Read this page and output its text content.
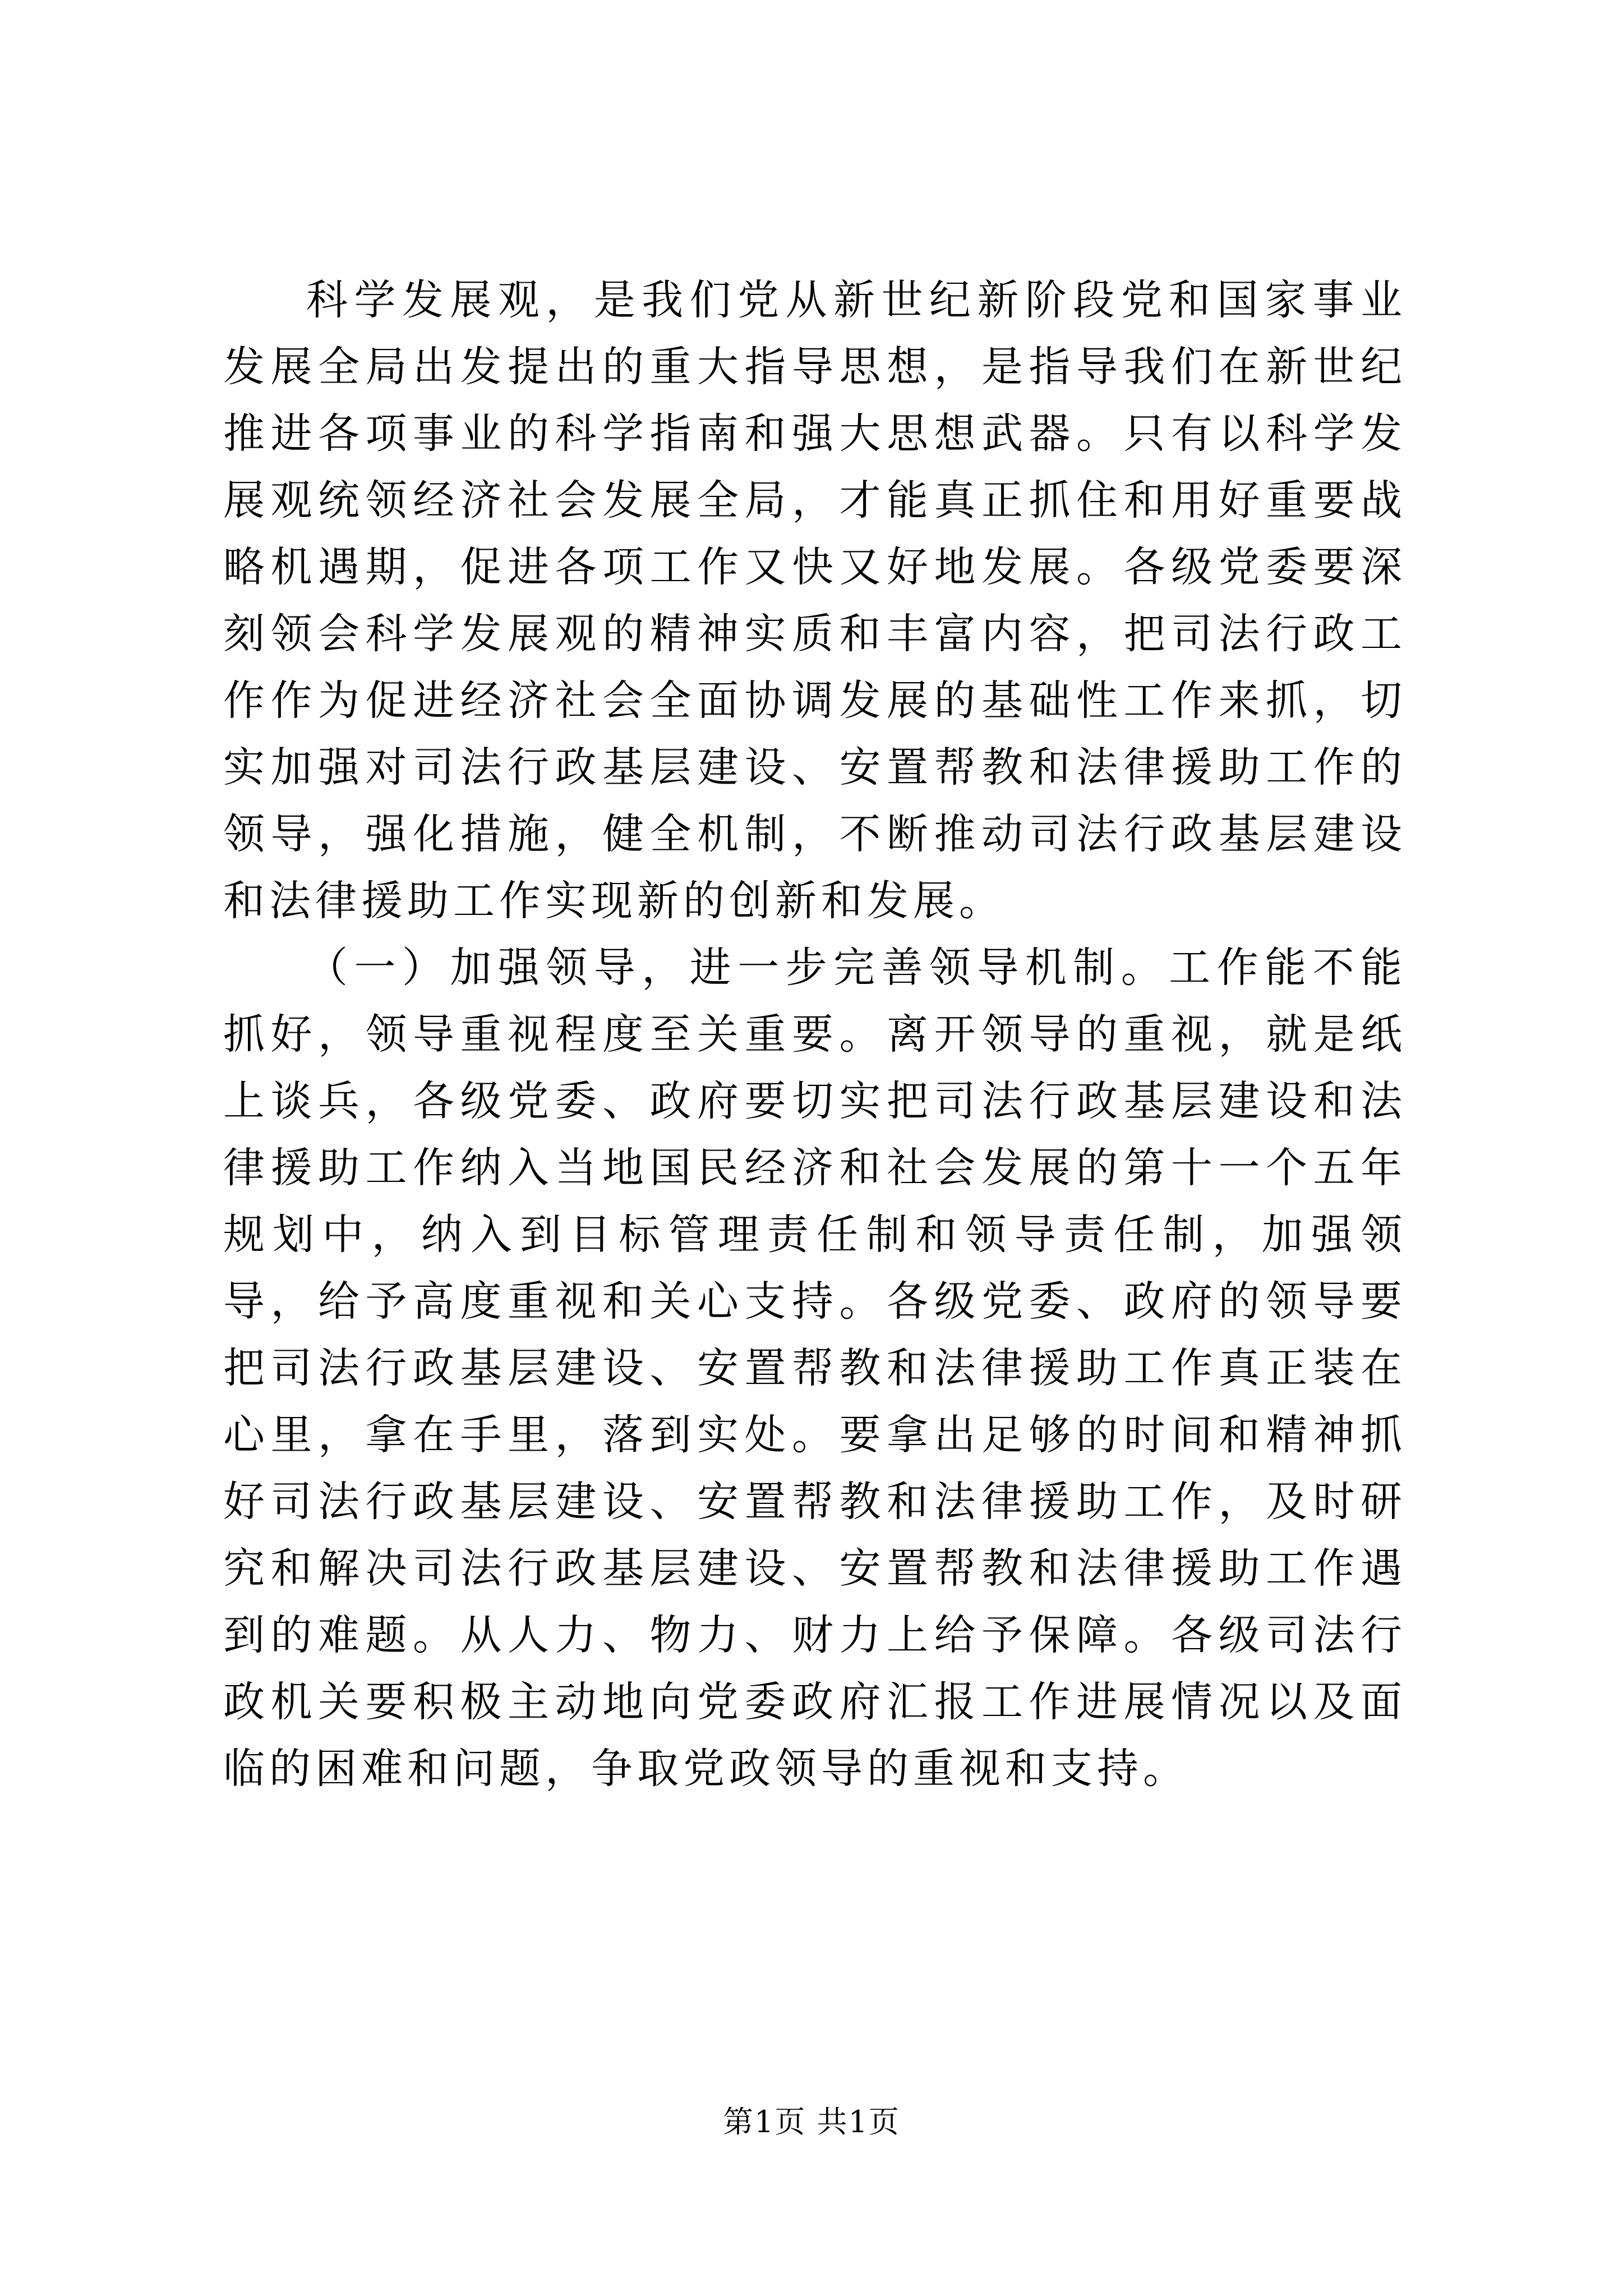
科学发展观，是我们党从新世纪新阶段党和国家事业发展全局出发提出的重大指导思想，是指导我们在新世纪推进各项事业的科学指南和强大思想武器。只有以科学发展观统领经济社会发展全局，才能真正抓住和用好重要战略机遇期，促进各项工作又快又好地发展。各级党委要深刻领会科学发展观的精神实质和丰富内容，把司法行政工作作为促进经济社会全面协调发展的基础性工作来抓，切实加强对司法行政基层建设、安置帮教和法律援助工作的领导，强化措施，健全机制，不断推动司法行政基层建设和法律援助工作实现新的创新和发展。

（一）加强领导，进一步完善领导机制。工作能不能抓好，领导重视程度至关重要。离开领导的重视，就是纸上谈兵，各级党委、政府要切实把司法行政基层建设和法律援助工作纳入当地国民经济和社会发展的第十一个五年规划中，纳入到目标管理责任制和领导责任制，加强领导，给予高度重视和关心支持。各级党委、政府的领导要把司法行政基层建设、安置帮教和法律援助工作真正装在心里，拿在手里，落到实处。要拿出足够的时间和精神抓好司法行政基层建设、安置帮教和法律援助工作，及时研究和解决司法行政基层建设、安置帮教和法律援助工作遇到的难题。从人力、物力、财力上给予保障。各级司法行政机关要积极主动地向党委政府汇报工作进展情况以及面临的困难和问题，争取党政领导的重视和支持。

第1页 共1页
